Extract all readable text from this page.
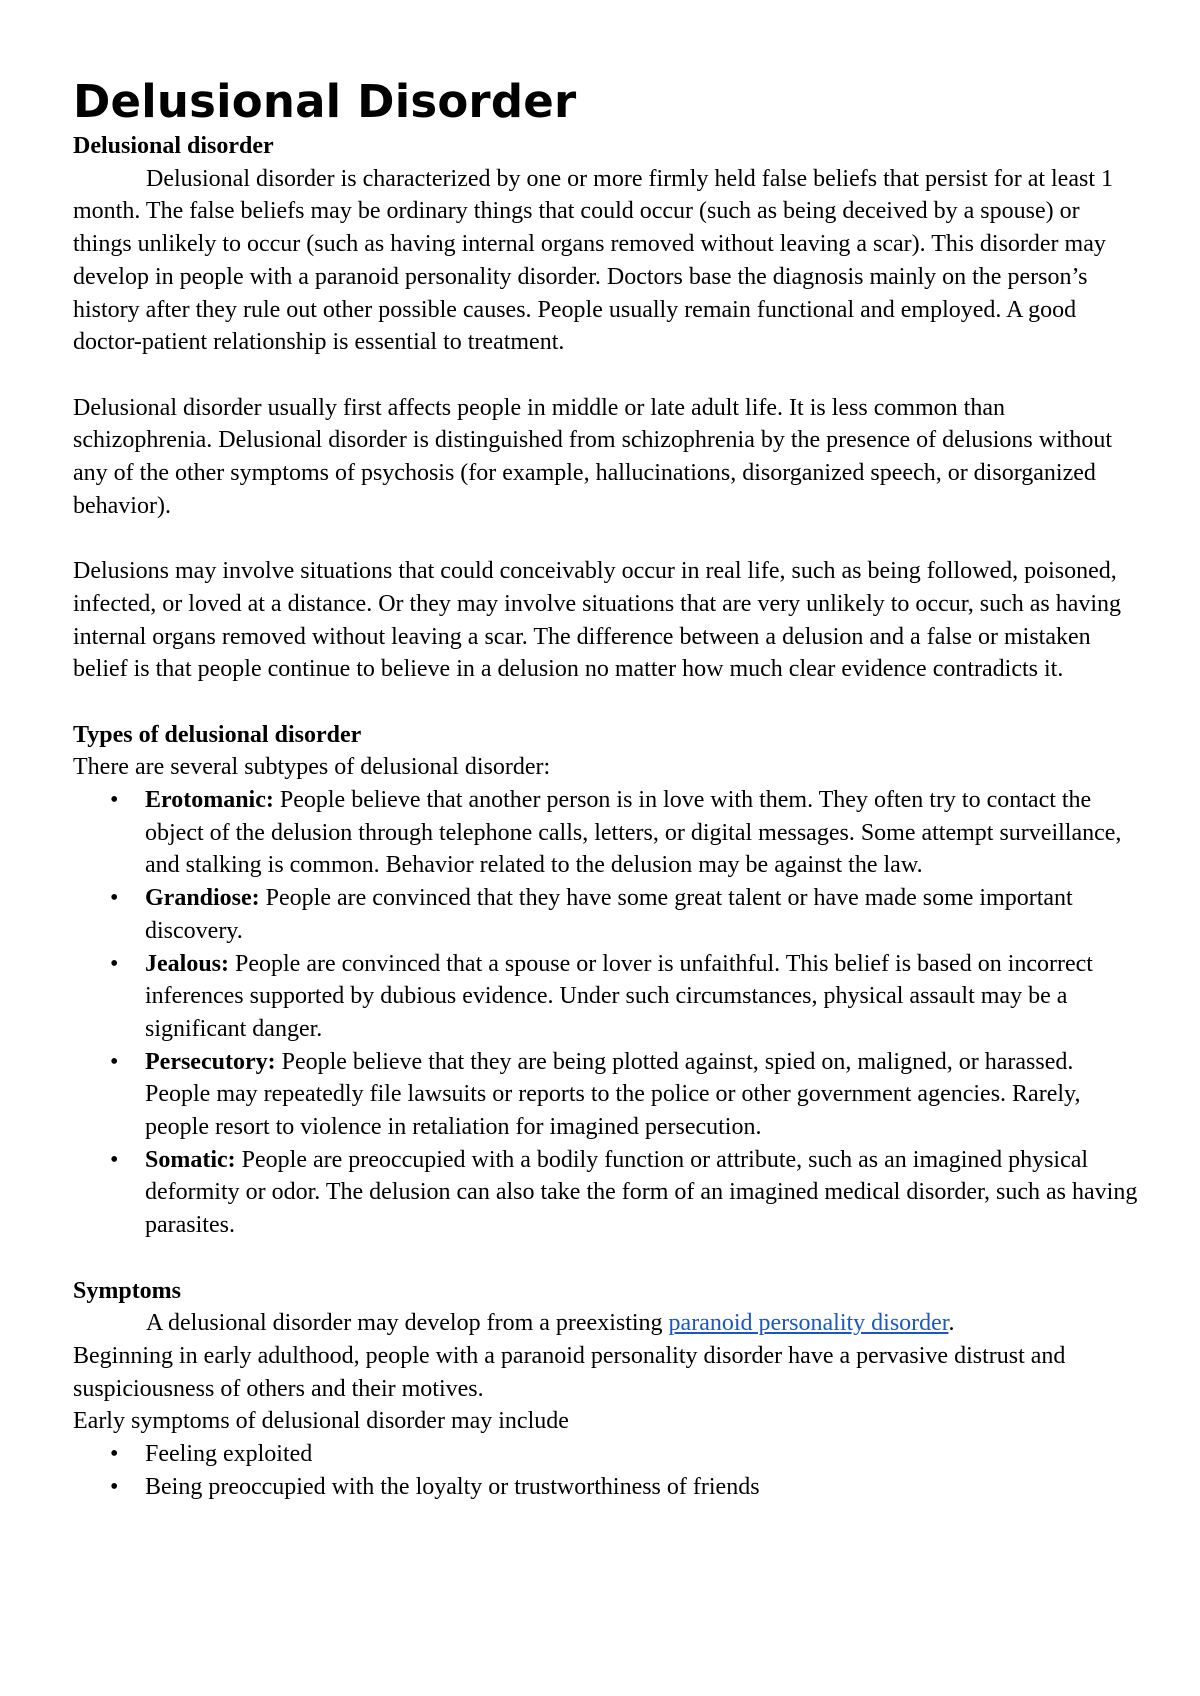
Delusional Disorder

Delusional disorder

Delusional disorder is characterized by one or more firmly held false beliefs that persist for at least 1 month. The false beliefs may be ordinary things that could occur (such as being deceived by a spouse) or things unlikely to occur (such as having internal organs removed without leaving a scar). This disorder may develop in people with a paranoid personality disorder. Doctors base the diagnosis mainly on the person’s history after they rule out other possible causes. People usually remain functional and employed. A good doctor-patient relationship is essential to treatment.

Delusional disorder usually first affects people in middle or late adult life. It is less common than schizophrenia. Delusional disorder is distinguished from schizophrenia by the presence of delusions without any of the other symptoms of psychosis (for example, hallucinations, disorganized speech, or disorganized behavior).

Delusions may involve situations that could conceivably occur in real life, such as being followed, poisoned, infected, or loved at a distance. Or they may involve situations that are very unlikely to occur, such as having internal organs removed without leaving a scar. The difference between a delusion and a false or mistaken belief is that people continue to believe in a delusion no matter how much clear evidence contradicts it.

Types of delusional disorder

There are several subtypes of delusional disorder:

• Erotomanic: People believe that another person is in love with them. They often try to contact the object of the delusion through telephone calls, letters, or digital messages. Some attempt surveillance, and stalking is common. Behavior related to the delusion may be against the law.
• Grandiose: People are convinced that they have some great talent or have made some important discovery.
• Jealous: People are convinced that a spouse or lover is unfaithful. This belief is based on incorrect inferences supported by dubious evidence. Under such circumstances, physical assault may be a significant danger.
• Persecutory: People believe that they are being plotted against, spied on, maligned, or harassed. People may repeatedly file lawsuits or reports to the police or other government agencies. Rarely, people resort to violence in retaliation for imagined persecution.
• Somatic: People are preoccupied with a bodily function or attribute, such as an imagined physical deformity or odor. The delusion can also take the form of an imagined medical disorder, such as having parasites.

Symptoms

A delusional disorder may develop from a preexisting paranoid personality disorder.

Beginning in early adulthood, people with a paranoid personality disorder have a pervasive distrust and suspiciousness of others and their motives.

Early symptoms of delusional disorder may include

• Feeling exploited
• Being preoccupied with the loyalty or trustworthiness of friends
